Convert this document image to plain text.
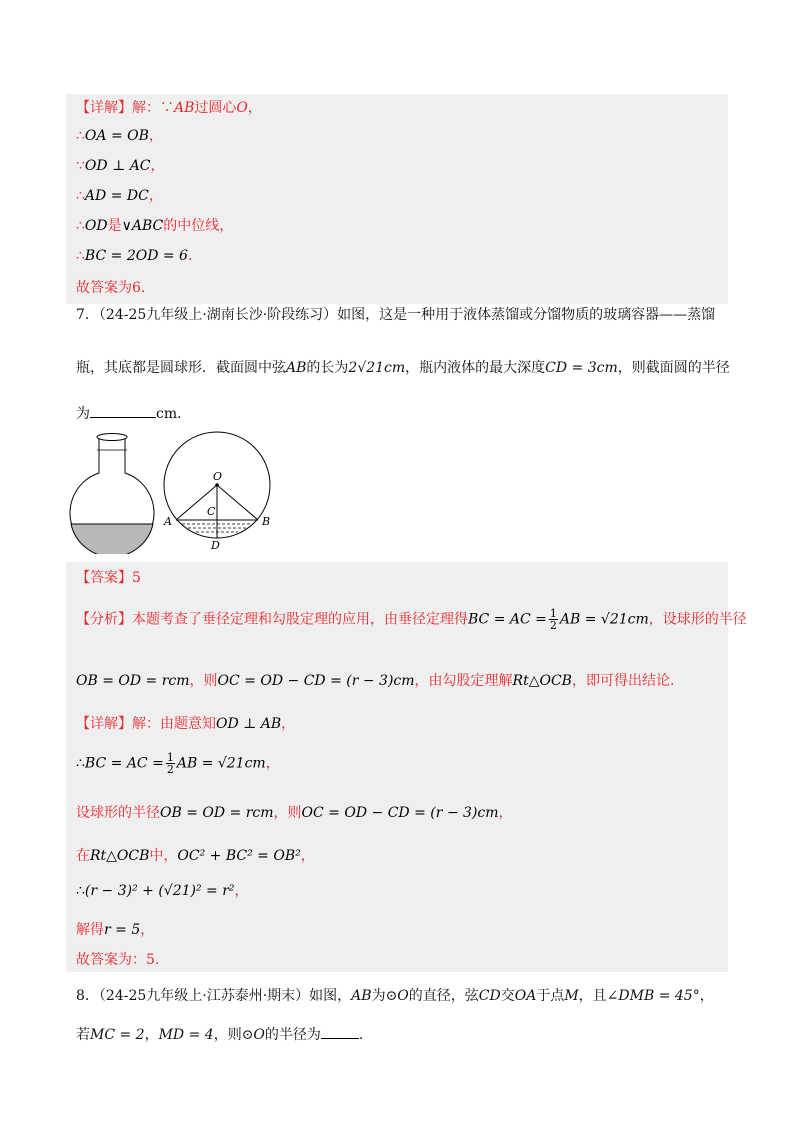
【详解】解：∵AB过圆心O，
∴OA = OB，
∵OD ⊥ AC，
∴AD = DC，
∴OD是∨ABC的中位线，
∴BC = 2OD = 6.
故答案为6.
7．（24-25九年级上·湖南长沙·阶段练习）如图，这是一种用于液体蒸馏或分馏物质的玻璃容器——蒸馏
瓶，其底都是圆球形．截面圆中弦AB的长为2√21cm，瓶内液体的最大深度CD = 3cm，则截面圆的半径
为	cm．
O
A	B
C
D
【答案】5
【分析】本题考查了垂径定理和勾股定理的应用，由垂径定理得BC = AC = $\frac{1}{2}$ AB = √21cm，设球形的半径
OB = OD = rcm，则OC = OD − CD = (r − 3)cm，由勾股定理解Rt△OCB，即可得出结论.
【详解】解：由题意知OD ⊥ AB，
∴BC = AC = $\frac{1}{2}$ AB = √21cm，
设球形的半径OB = OD = rcm，则OC = OD − CD = (r − 3)cm，
在Rt△OCB中，OC² + BC² = OB²，
∴(r − 3)² + (√21)² = r²，
解得r = 5，
故答案为：5.
8．（24-25九年级上·江苏泰州·期末）如图，AB为⊙O的直径，弦CD交OA于点M，且∠DMB = 45°，
若MC = 2，MD = 4，则⊙O的半径为	.
